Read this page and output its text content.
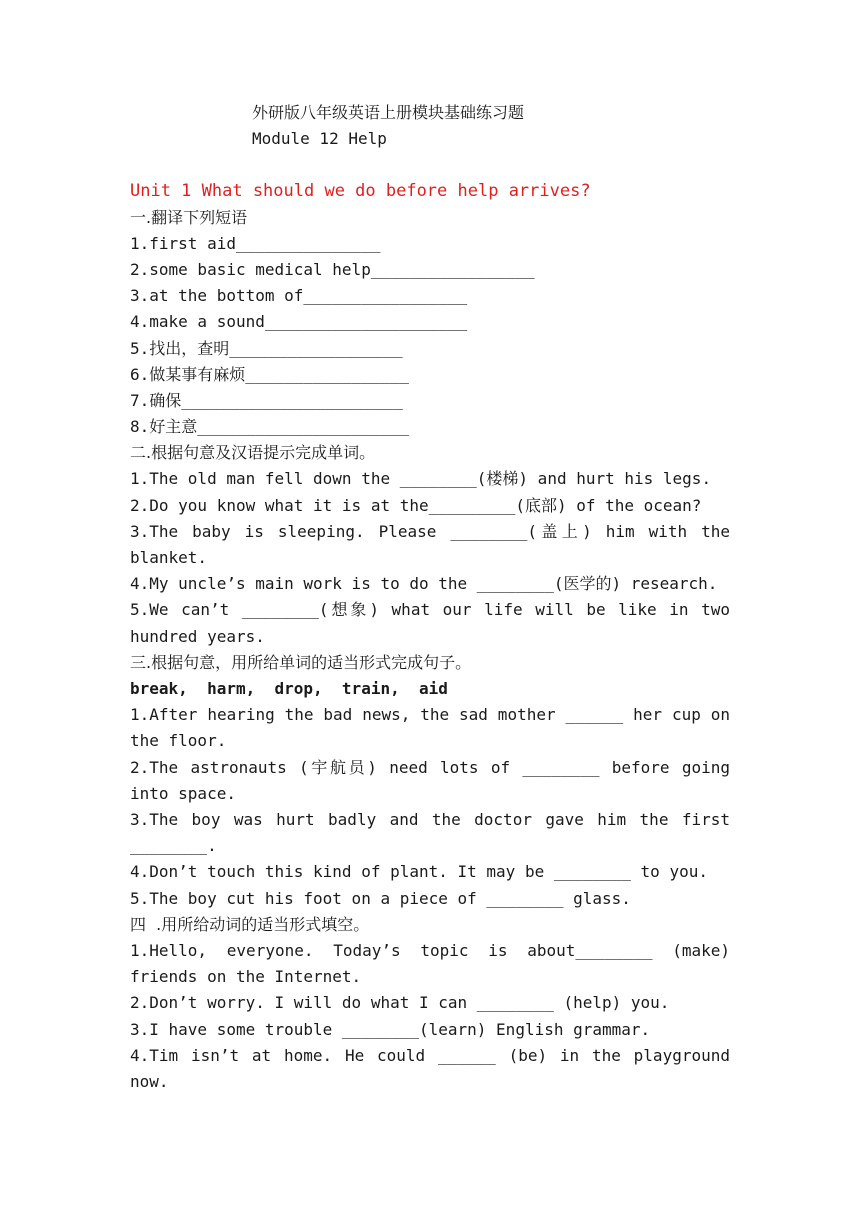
外研版八年级英语上册模块基础练习题
Module 12 Help
Unit 1 What should we do before help arrives?
一.翻译下列短语
1.first aid_______________
2.some basic medical help_________________
3.at the bottom of_________________
4.make a sound_____________________
5.找出，查明__________________
6.做某事有麻烦_________________
7.确保_______________________
8.好主意______________________
二.根据句意及汉语提示完成单词。
1.The old man fell down the ________(楼梯) and hurt his legs.
2.Do you know what it is at the_________(底部) of the ocean?
3.The baby is sleeping. Please ________(盖上) him with the blanket.
4.My uncle’s main work is to do the ________(医学的) research.
5.We can’t ________(想象) what our life will be like in two hundred years.
三.根据句意，用所给单词的适当形式完成句子。
break,  harm,  drop,  train,  aid
1.After hearing the bad news, the sad mother ______ her cup on the floor.
2.The astronauts (宇航员) need lots of ________ before going into space.
3.The boy was hurt badly and the doctor gave him the first ________.
4.Don’t touch this kind of plant. It may be ________ to you.
5.The boy cut his foot on a piece of ________ glass.
四  .用所给动词的适当形式填空。
1.Hello, everyone. Today’s topic is about________ (make) friends on the Internet.
2.Don’t worry. I will do what I can ________ (help) you.
3.I have some trouble ________(learn) English grammar.
4.Tim isn’t at home. He could ______ (be) in the playground now.
